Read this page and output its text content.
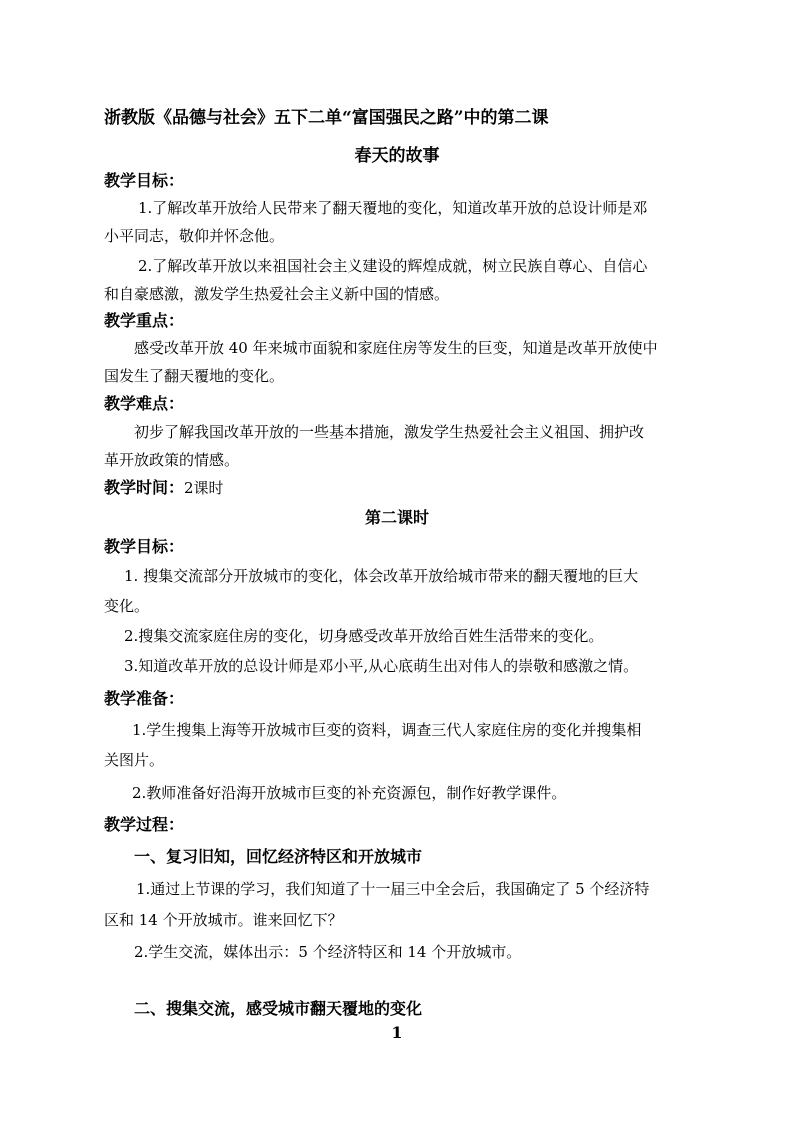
浙教版《品德与社会》五下二单“富国强民之路”中的第二课
春天的故事
教学目标：
1.了解改革开放给人民带来了翻天覆地的变化，知道改革开放的总设计师是邓
小平同志，敬仰并怀念他。
2.了解改革开放以来祖国社会主义建设的辉煌成就，树立民族自尊心、自信心
和自豪感激，激发学生热爱社会主义新中国的情感。
教学重点：
感受改革开放 40 年来城市面貌和家庭住房等发生的巨变，知道是改革开放使中
国发生了翻天覆地的变化。
教学难点：
初步了解我国改革开放的一些基本措施，激发学生热爱社会主义祖国、拥护改
革开放政策的情感。
教学时间：2课时
第二课时
教学目标：
1. 搜集交流部分开放城市的变化，体会改革开放给城市带来的翻天覆地的巨大
变化。
2.搜集交流家庭住房的变化，切身感受改革开放给百姓生活带来的变化。
3.知道改革开放的总设计师是邓小平,从心底萌生出对伟人的崇敬和感激之情。
教学准备：
1.学生搜集上海等开放城市巨变的资料，调查三代人家庭住房的变化并搜集相
关图片。
2.教师准备好沿海开放城市巨变的补充资源包，制作好教学课件。
教学过程：
一、复习旧知，回忆经济特区和开放城市
1.通过上节课的学习，我们知道了十一届三中全会后，我国确定了 5 个经济特
区和 14 个开放城市。谁来回忆下？
2.学生交流，媒体出示：5 个经济特区和 14 个开放城市。
二、搜集交流，感受城市翻天覆地的变化
1
